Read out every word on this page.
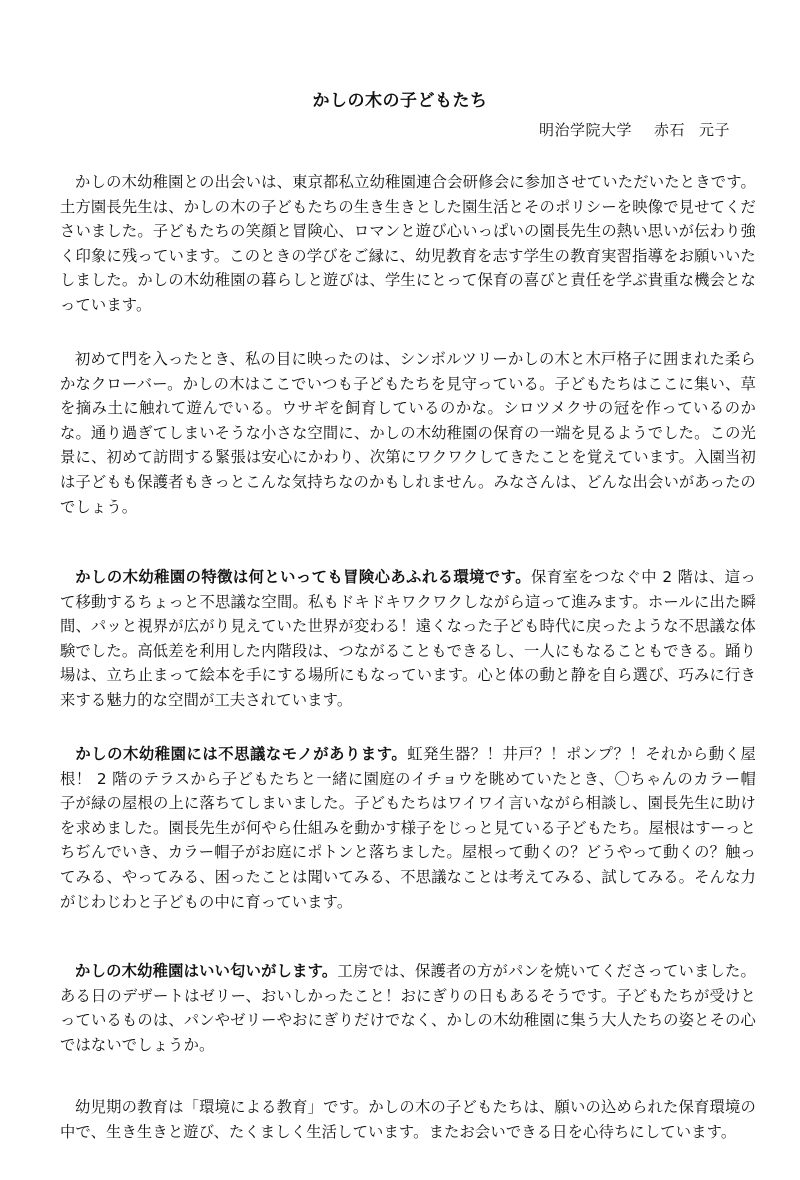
かしの木の子どもたち
明治学院大学 赤石 元子
かしの木幼稚園との出会いは、東京都私立幼稚園連合会研修会に参加させていただいたときです。土方園長先生は、かしの木の子どもたちの生き生きとした園生活とそのポリシーを映像で見せてくださいました。子どもたちの笑顔と冒険心、ロマンと遊び心いっぱいの園長先生の熱い思いが伝わり強く印象に残っています。このときの学びをご縁に、幼児教育を志す学生の教育実習指導をお願いいたしました。かしの木幼稚園の暮らしと遊びは、学生にとって保育の喜びと責任を学ぶ貴重な機会となっています。
初めて門を入ったとき、私の目に映ったのは、シンボルツリーかしの木と木戸格子に囲まれた柔らかなクローバー。かしの木はここでいつも子どもたちを見守っている。子どもたちはここに集い、草を摘み土に触れて遊んでいる。ウサギを飼育しているのかな。シロツメクサの冠を作っているのかな。通り過ぎてしまいそうな小さな空間に、かしの木幼稚園の保育の一端を見るようでした。この光景に、初めて訪問する緊張は安心にかわり、次第にワクワクしてきたことを覚えています。入園当初は子どもも保護者もきっとこんな気持ちなのかもしれません。みなさんは、どんな出会いがあったのでしょう。
かしの木幼稚園の特徴は何といっても冒険心あふれる環境です。保育室をつなぐ中 2 階は、這って移動するちょっと不思議な空間。私もドキドキワクワクしながら這って進みます。ホールに出た瞬間、パッと視界が広がり見えていた世界が変わる！遠くなった子ども時代に戻ったような不思議な体験でした。高低差を利用した内階段は、つながることもできるし、一人にもなることもできる。踊り場は、立ち止まって絵本を手にする場所にもなっています。心と体の動と静を自ら選び、巧みに行き来する魅力的な空間が工夫されています。
かしの木幼稚園には不思議なモノがあります。虹発生器？！井戸？！ポンプ？！それから動く屋根！ 2 階のテラスから子どもたちと一緒に園庭のイチョウを眺めていたとき、〇ちゃんのカラー帽子が緑の屋根の上に落ちてしまいました。子どもたちはワイワイ言いながら相談し、園長先生に助けを求めました。園長先生が何やら仕組みを動かす様子をじっと見ている子どもたち。屋根はすーっとちぢんでいき、カラー帽子がお庭にポトンと落ちました。屋根って動くの？どうやって動くの？触ってみる、やってみる、困ったことは聞いてみる、不思議なことは考えてみる、試してみる。そんな力がじわじわと子どもの中に育っています。
かしの木幼稚園はいい匂いがします。工房では、保護者の方がパンを焼いてくださっていました。ある日のデザートはゼリー、おいしかったこと！おにぎりの日もあるそうです。子どもたちが受けとっているものは、パンやゼリーやおにぎりだけでなく、かしの木幼稚園に集う大人たちの姿とその心ではないでしょうか。
幼児期の教育は「環境による教育」です。かしの木の子どもたちは、願いの込められた保育環境の中で、生き生きと遊び、たくましく生活しています。またお会いできる日を心待ちにしています。
